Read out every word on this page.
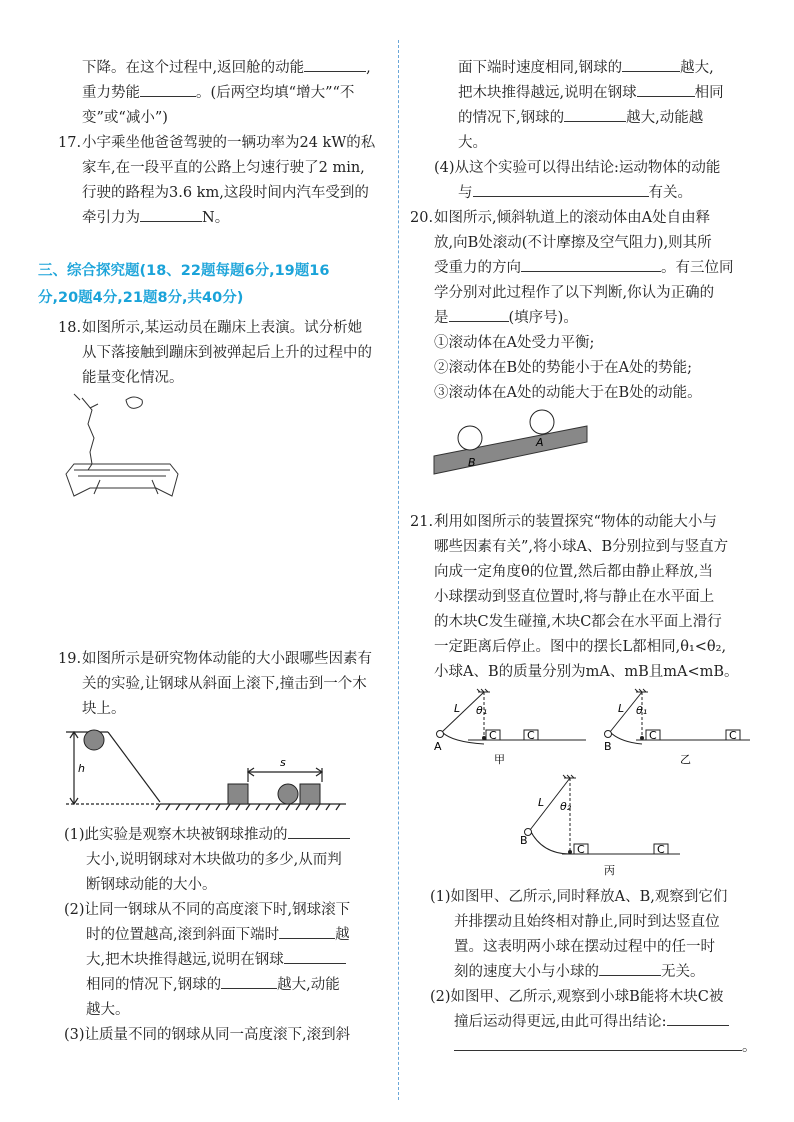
下降。在这个过程中,返回舱的动能	,
重力势能	。(后两空均填“增大”“不
变”或“减小”)
17. 小宇乘坐他爸爸驾驶的一辆功率为24 kW的私
家车,在一段平直的公路上匀速行驶了2 min,
行驶的路程为3.6 km,这段时间内汽车受到的
牵引力为	N。
三、综合探究题(18、22题每题6分,19题16
分,20题4分,21题8分,共40分)
18. 如图所示,某运动员在蹦床上表演。试分析她
从下落接触到蹦床到被弹起后上升的过程中的
能量变化情况。
19. 如图所示是研究物体动能的大小跟哪些因素有
关的实验,让钢球从斜面上滚下,撞击到一个木
块上。
h	s
(1)此实验是观察木块被钢球推动的
大小,说明钢球对木块做功的多少,从而判
断钢球动能的大小。
(2)让同一钢球从不同的高度滚下时,钢球滚下
时的位置越高,滚到斜面下端时	越
大,把木块推得越远,说明在钢球
相同的情况下,钢球的	越大,动能
越大。
(3)让质量不同的钢球从同一高度滚下,滚到斜
面下端时速度相同,钢球的	越大,
把木块推得越远,说明在钢球	相同
的情况下,钢球的	越大,动能越
大。
(4)从这个实验可以得出结论:运动物体的动能
与	有关。
20. 如图所示,倾斜轨道上的滚动体由A处自由释
放,向B处滚动(不计摩擦及空气阻力),则其所
受重力的方向	。有三位同
学分别对此过程作了以下判断,你认为正确的
是	(填序号)。
①滚动体在A处受力平衡;
②滚动体在B处的势能小于在A处的势能;
③滚动体在A处的动能大于在B处的动能。
B
A
21. 利用如图所示的装置探究“物体的动能大小与
哪些因素有关”,将小球A、B分别拉到与竖直方
向成一定角度θ的位置,然后都由静止释放,当
小球摆动到竖直位置时,将与静止在水平面上
的木块C发生碰撞,木块C都会在水平面上滑行
一定距离后停止。图中的摆长L都相同,θ₁<θ₂,
小球A、B的质量分别为mA、mB且mA<mB。
L θ₁
A
C	C
甲
L θ₁
B
C	C
乙
L θ₂
B
C	C
丙
(1)如图甲、乙所示,同时释放A、B,观察到它们
并排摆动且始终相对静止,同时到达竖直位
置。这表明两小球在摆动过程中的任一时
刻的速度大小与小球的	无关。
(2)如图甲、乙所示,观察到小球B能将木块C被
撞后运动得更远,由此可得出结论:
。
